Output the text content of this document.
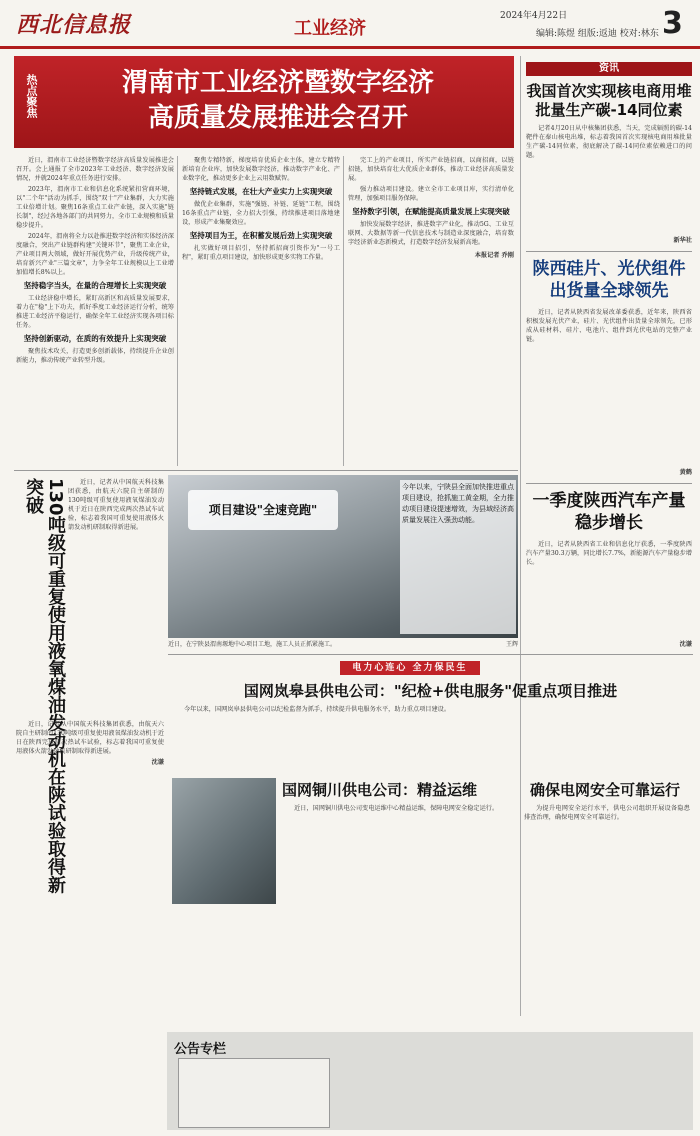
西北信息报	工业经济
2024年4月22日
编辑:陈煜 组版:返迪 校对:林东 3
热点聚焦	渭南市工业经济暨数字经济
高质量发展推进会召开

近日，渭南市工业经济暨数字经济高质量发展推进会召开。会上通报了全市2023年工业经济、数字经济发展情况，并就2024年重点任务进行安排。

2023年，渭南市工业和信息化系统紧扣营商环境，以"二个年"活动为抓手，围绕"双十"产业集群，大力实施工业倍增计划。聚焦16条重点工业产业链，深入实施"链长制"，经过各地各部门的共同努力，全市工业规模和质量稳步提升。

2024年，渭南将全力以赴推进数字经济和实体经济深度融合，突出产业链群构建"关键环节"，聚焦工业企业，产业项目两大领域，做好开展优势产业，升级传统产业，培育新兴产业"三篇文章"，力争全年工业规模以上工业增加值增长8%以上。

坚持稳字当头，在量的合理增长上实现突破

工业经济稳中增长，紧盯高新区和高质量发展要求，着力在"稳"上下功夫，抓好季度工业经济运行分析，统筹推进工业经济平稳运行，确保全年工业经济实现各项目标任务。

坚持创新驱动，在质的有效提升上实现突破

聚焦技术攻关，打造更多创新载体，持续提升企业创新能力，推动传统产业转型升级。

聚焦专精特新，梯度培育优质企业主体，建立专精特新培育企业库，加快发展数字经济，推动数字产业化、产业数字化，推动更多企业上云用数赋智。

坚持链式发展，在壮大产业实力上实现突破

做优企业集群，实施"强链、补链、延链"工程，围绕16条重点产业链，全力招大引强，持续推进项目落地建设，形成产业集聚效应。

坚持项目为王，在积蓄发展后劲上实现突破

扎实做好项目招引，坚持抓招商引资作为"一号工程"，紧盯重点项目建设，加快形成更多实物工作量。

完工上的产业项目，所实产业链招商，以商招商，以链招链，加快培育壮大优质企业群体，推动工业经济高质量发展。

强力推动项目建设。建立全市工业项目库，实行清单化管理，加强项目服务保障。

坚持数字引领，在赋能提高质量发展上实现突破

加快发展数字经济，推进数字产业化，推动5G、工业互联网、大数据等新一代信息技术与制造业深度融合，培育数字经济新业态新模式，打造数字经济发展新高地。

本报记者 乔刚
资讯
我国首次实现核电商用堆批量生产碳-14同位素

记者4月20日从中核集团获悉，当天，完成辐照的碳-14靶件在秦山核电出堆，标志着我国首次实现核电商用堆批量生产碳-14同位素，彻底解决了碳-14同位素依赖进口的问题。

新华社
陕西硅片、光伏组件出货量全球领先

近日，记者从陕西省发展改革委获悉，近年来，陕西省积极发展光伏产业，硅片、光伏组件出货量全球领先，已形成从硅材料、硅片、电池片、组件到光伏电站的完整产业链。

黄鹤
一季度陕西汽车产量稳步增长

近日，记者从陕西省工业和信息化厅获悉，一季度陕西汽车产量30.3万辆，同比增长7.7%，新能源汽车产量稳步增长。

沈谦
130吨级可重复使用液氧煤油发动机在陕试验取得新突破	近日，记者从中国航天科技集团获悉，由航天六院自主研制的130吨级可重复使用液氧煤油发动机于近日在陕西完成两次热试车试验，标志着我国可重复使用液体火箭发动机研制取得新进展。

近日，记者从中国航天科技集团获悉，由航天六院自主研制的130吨级可重复使用液氧煤油发动机于近日在陕西完成两次热试车试验，标志着我国可重复使用液体火箭发动机研制取得新进展。

沈谦
项目建设"全速竞跑"
今年以来，宁陕县全面加快推进重点项目建设，抢抓施工黄金期，全力推动项目建设提速增效，为县域经济高质量发展注入强劲动能。
近日，在宁陕县渭南塬地中心项目工地，施工人员正抓紧施工。	王辉
电力心连心 全力保民生
国网岚皋县供电公司："纪检+供电服务"促重点项目推进

今年以来，国网岚皋县供电公司以纪检监督为抓手，持续提升供电服务水平，助力重点项目建设。

国网铜川供电公司：精益运维

近日，国网铜川供电公司变电运维中心精益运维，保障电网安全稳定运行。

确保电网安全可靠运行

为提升电网安全运行水平，供电公司组织开展设备隐患排查治理，确保电网安全可靠运行。

公告专栏
